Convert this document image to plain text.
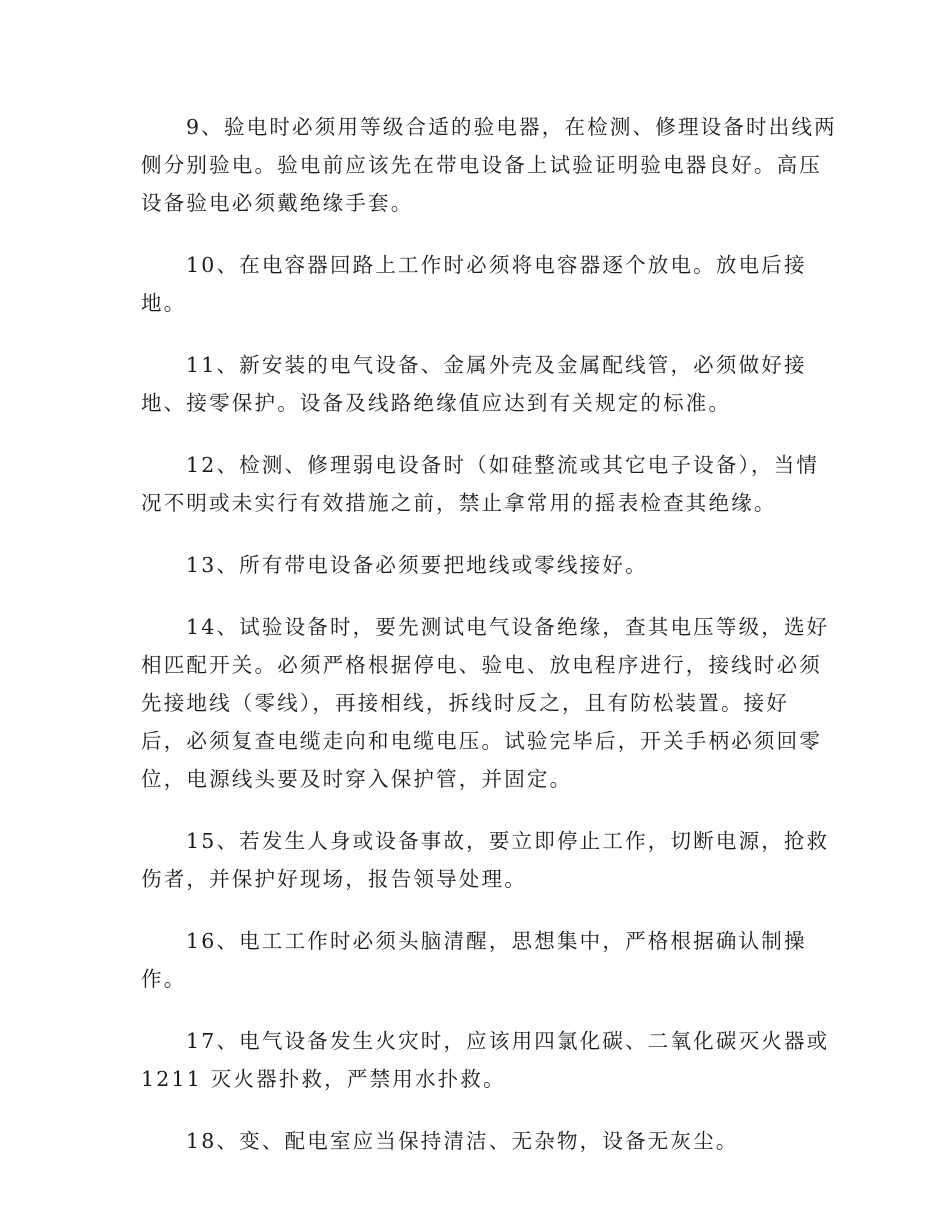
9、验电时必须用等级合适的验电器，在检测、修理设备时出线两
侧分别验电。验电前应该先在带电设备上试验证明验电器良好。高压
设备验电必须戴绝缘手套。

10、在电容器回路上工作时必须将电容器逐个放电。放电后接
地。

11、新安装的电气设备、金属外壳及金属配线管，必须做好接
地、接零保护。设备及线路绝缘值应达到有关规定的标准。

12、检测、修理弱电设备时（如硅整流或其它电子设备），当情
况不明或未实行有效措施之前，禁止拿常用的摇表检查其绝缘。

13、所有带电设备必须要把地线或零线接好。

14、试验设备时，要先测试电气设备绝缘，查其电压等级，选好
相匹配开关。必须严格根据停电、验电、放电程序进行，接线时必须
先接地线（零线），再接相线，拆线时反之，且有防松装置。接好
后，必须复查电缆走向和电缆电压。试验完毕后，开关手柄必须回零
位，电源线头要及时穿入保护管，并固定。

15、若发生人身或设备事故，要立即停止工作，切断电源，抢救
伤者，并保护好现场，报告领导处理。

16、电工工作时必须头脑清醒，思想集中，严格根据确认制操
作。

17、电气设备发生火灾时，应该用四氯化碳、二氧化碳灭火器或
1211 灭火器扑救，严禁用水扑救。

18、变、配电室应当保持清洁、无杂物，设备无灰尘。
